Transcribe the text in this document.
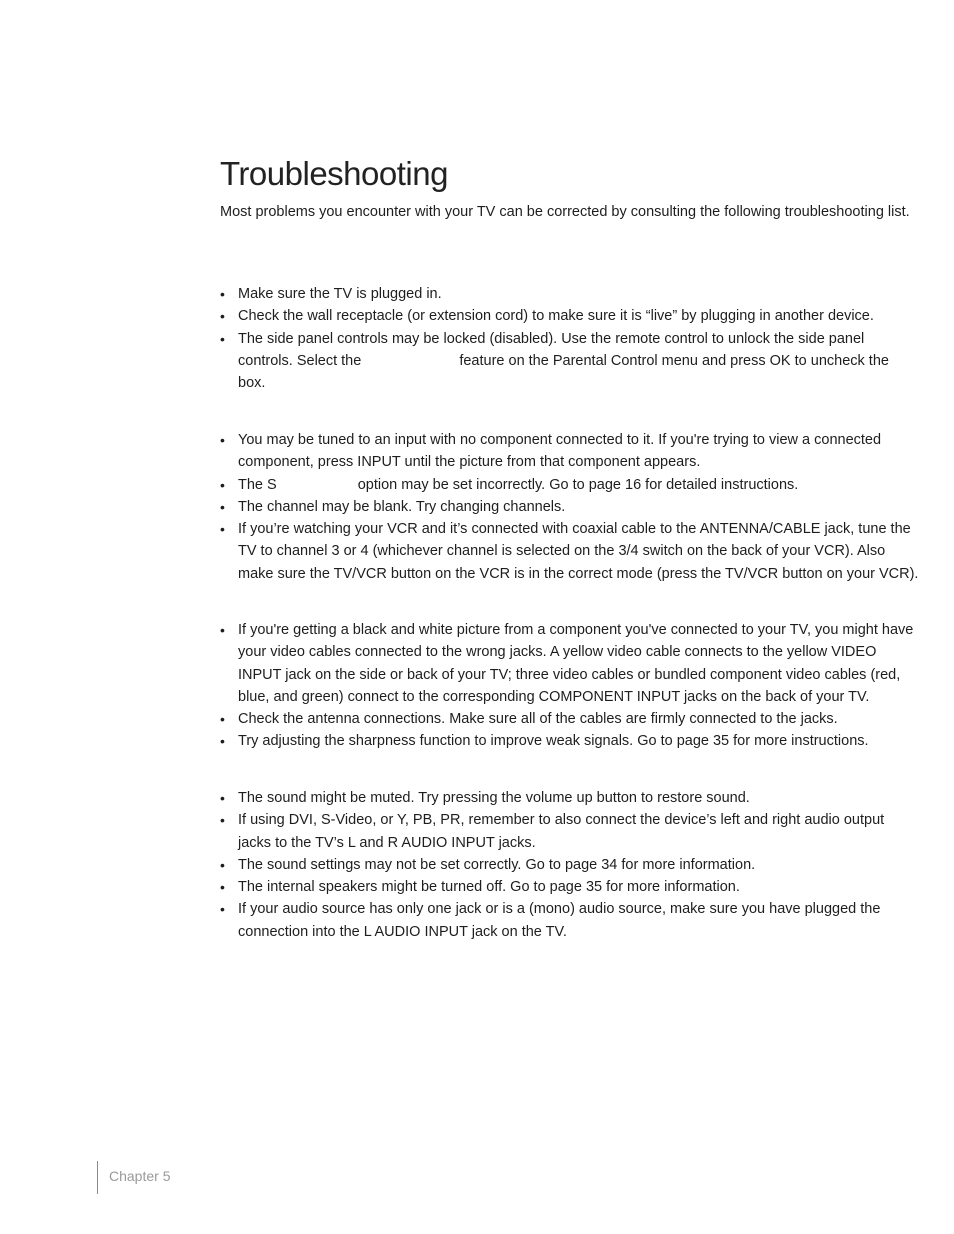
Troubleshooting

Most problems you encounter with your TV can be corrected by consulting the following troubleshooting list.

• Make sure the TV is plugged in.
• Check the wall receptacle (or extension cord) to make sure it is “live” by plugging in another device.
• The side panel controls may be locked (disabled). Use the remote control to unlock the side panel controls. Select the	feature on the Parental Control menu and press OK to uncheck the box.
• You may be tuned to an input with no component connected to it. If you're trying to view a connected component, press INPUT until the picture from that component appears.
• The S	option may be set incorrectly. Go to page 16 for detailed instructions.
• The channel may be blank. Try changing channels.
• If you’re watching your VCR and it’s connected with coaxial cable to the ANTENNA/CABLE jack, tune the TV to channel 3 or 4 (whichever channel is selected on the 3/4 switch on the back of your VCR). Also make sure the TV/VCR button on the VCR is in the correct mode (press the TV/VCR button on your VCR).
• If you're getting a black and white picture from a component you've connected to your TV, you might have your video cables connected to the wrong jacks. A yellow video cable connects to the yellow VIDEO INPUT jack on the side or back of your TV; three video cables or bundled component video cables (red, blue, and green) connect to the corresponding COMPONENT INPUT jacks on the back of your TV.
• Check the antenna connections. Make sure all of the cables are firmly connected to the jacks.
• Try adjusting the sharpness function to improve weak signals. Go to page 35 for more instructions.
• The sound might be muted. Try pressing the volume up button to restore sound.
• If using DVI, S-Video, or Y, PB, PR, remember to also connect the device’s left and right audio output jacks to the TV’s L and R AUDIO INPUT jacks.
• The sound settings may not be set correctly. Go to page 34 for more information.
• The internal speakers might be turned off. Go to page 35 for more information.
• If your audio source has only one jack or is a (mono) audio source, make sure you have plugged the connection into the L AUDIO INPUT jack on the TV.
Chapter 5
